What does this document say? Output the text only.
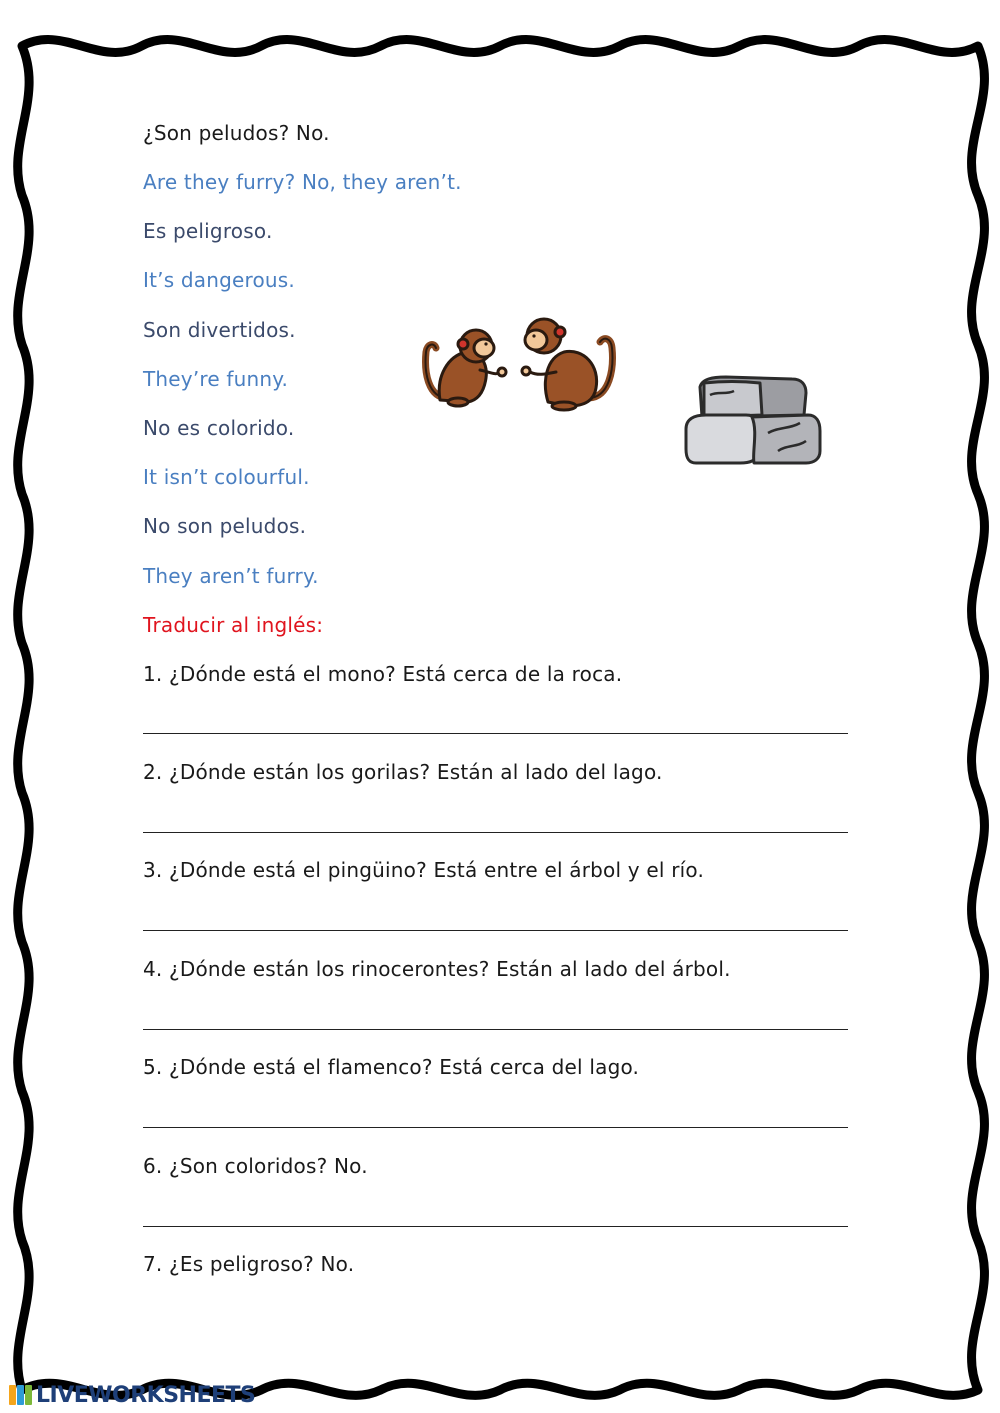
¿Son peludos? No.
Are they furry? No, they aren’t.
Es peligroso.
It’s dangerous.
Son divertidos.
They’re funny.
No es colorido.
It isn’t colourful.
No son peludos.
They aren’t furry.
Traducir al inglés:
1. ¿Dónde está el mono? Está cerca de la roca.
2. ¿Dónde están los gorilas? Están al lado del lago.
3. ¿Dónde está el pingüino? Está entre el árbol y el río.
4. ¿Dónde están los rinocerontes? Están al lado del árbol.
5. ¿Dónde está el flamenco? Está cerca del lago.
6. ¿Son coloridos? No.
7. ¿Es peligroso? No.
LIVEWORKSHEETS
